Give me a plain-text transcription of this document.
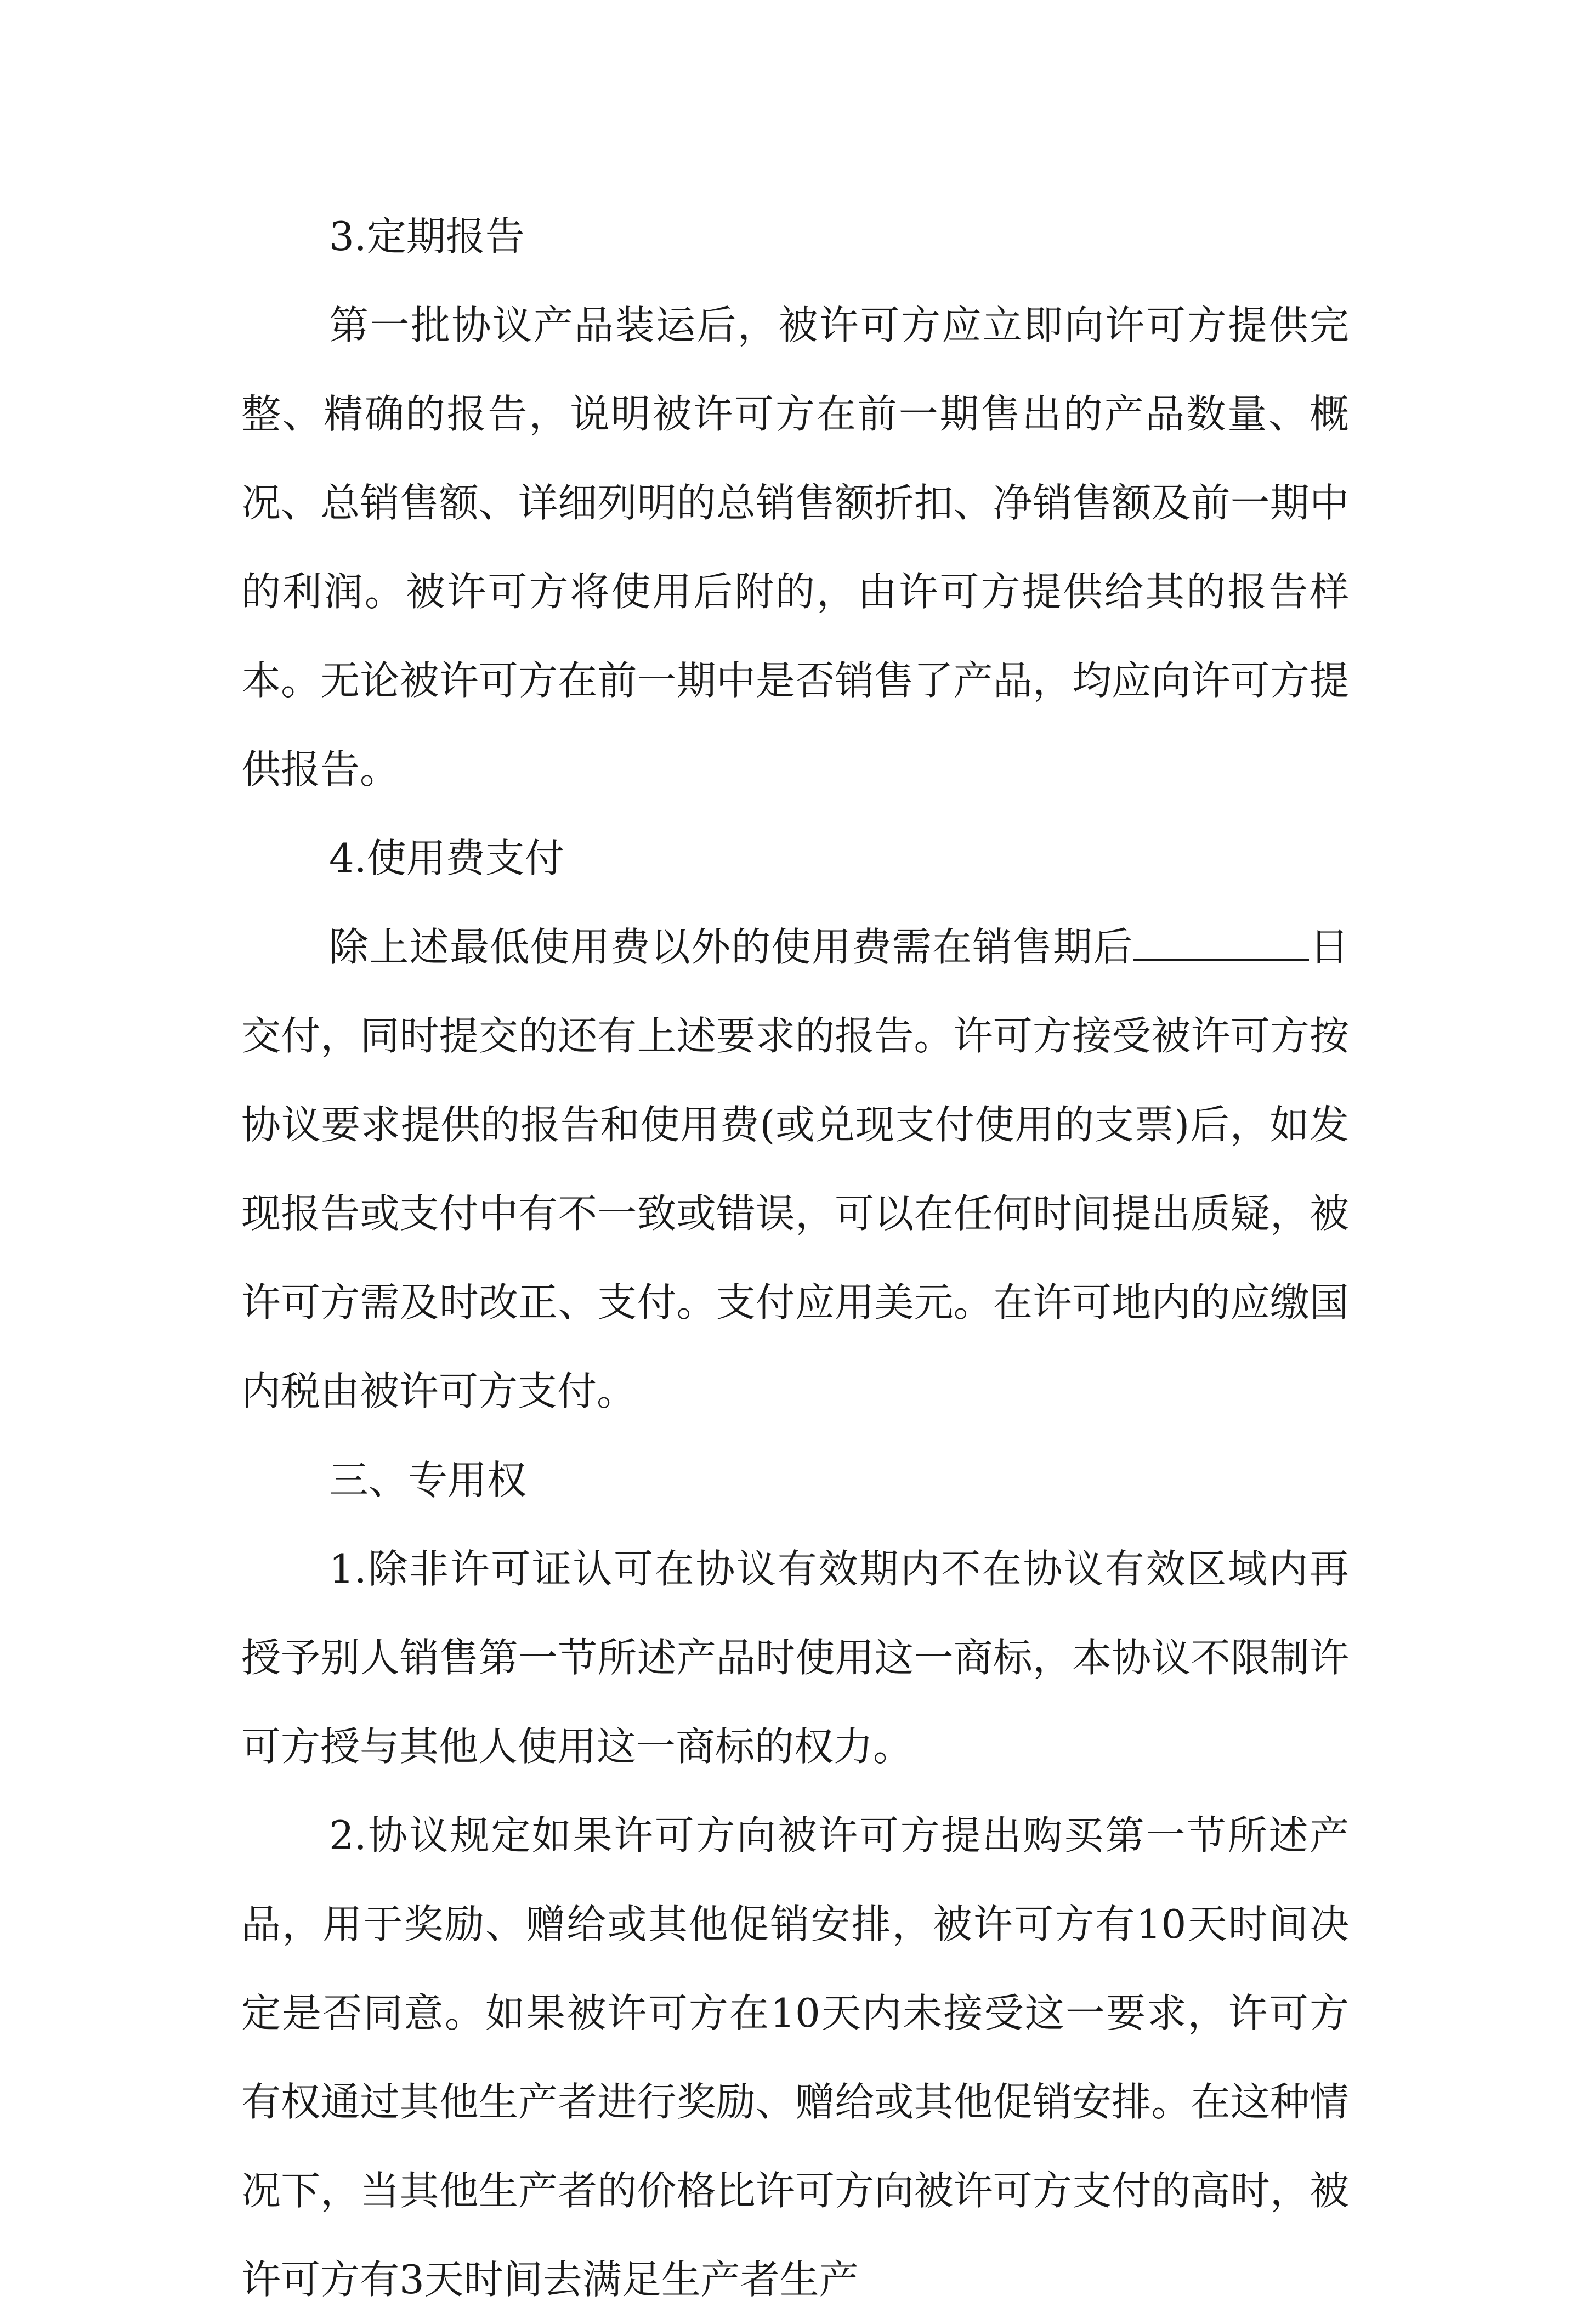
3.定期报告

第一批协议产品装运后，被许可方应立即向许可方提供完整、精确的报告，说明被许可方在前一期售出的产品数量、概况、总销售额、详细列明的总销售额折扣、净销售额及前一期中的利润。被许可方将使用后附的，由许可方提供给其的报告样本。无论被许可方在前一期中是否销售了产品，均应向许可方提供报告。

4.使用费支付

除上述最低使用费以外的使用费需在销售期后	日交付，同时提交的还有上述要求的报告。许可方接受被许可方按协议要求提供的报告和使用费(或兑现支付使用的支票)后，如发现报告或支付中有不一致或错误，可以在任何时间提出质疑，被许可方需及时改正、支付。支付应用美元。在许可地内的应缴国内税由被许可方支付。

三、专用权

1.除非许可证认可在协议有效期内不在协议有效区域内再授予别人销售第一节所述产品时使用这一商标，本协议不限制许可方授与其他人使用这一商标的权力。

2.协议规定如果许可方向被许可方提出购买第一节所述产品，用于奖励、赠给或其他促销安排，被许可方有10天时间决定是否同意。如果被许可方在10天内未接受这一要求，许可方有权通过其他生产者进行奖励、赠给或其他促销安排。在这种情况下，当其他生产者的价格比许可方向被许可方支付的高时，被许可方有3天时间去满足生产者生产
